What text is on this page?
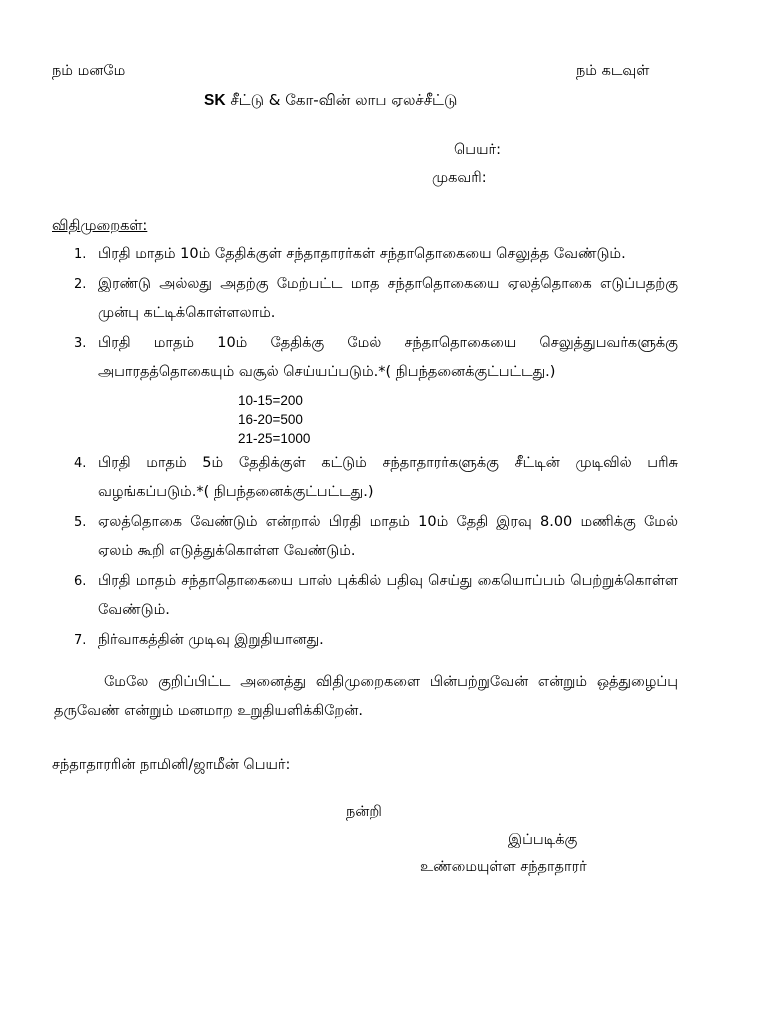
நம் மனமே	நம் கடவுள்
SK சீட்டு & கோ-வின் லாப ஏலச்சீட்டு
பெயர்:
முகவரி:
விதிமுறைகள்:
1. பிரதி மாதம் 10ம் தேதிக்குள் சந்தாதாரர்கள் சந்தாதொகையை செலுத்த வேண்டும்.
2. இரண்டு அல்லது அதற்கு மேற்பட்ட மாத சந்தாதொகையை ஏலத்தொகை எடுப்பதற்கு முன்பு கட்டிக்கொள்ளலாம்.
3. பிரதி மாதம் 10ம் தேதிக்கு மேல் சந்தாதொகையை செலுத்துபவர்களுக்கு அபாரதத்தொகையும் வசூல் செய்யப்படும்.*( நிபந்தனைக்குட்பட்டது.)
10-15=200
16-20=500
21-25=1000
4. பிரதி மாதம் 5ம் தேதிக்குள் கட்டும் சந்தாதாரர்களுக்கு சீட்டின் முடிவில் பரிசு வழங்கப்படும்.*( நிபந்தனைக்குட்பட்டது.)
5. ஏலத்தொகை வேண்டும் என்றால் பிரதி மாதம் 10ம் தேதி இரவு 8.00 மணிக்கு மேல் ஏலம் கூறி எடுத்துக்கொள்ள வேண்டும்.
6. பிரதி மாதம் சந்தாதொகையை பாஸ் புக்கில் பதிவு செய்து கையொப்பம் பெற்றுக்கொள்ள வேண்டும்.
7. நிர்வாகத்தின் முடிவு இறுதியானது.
மேலே குறிப்பிட்ட அனைத்து விதிமுறைகளை பின்பற்றுவேன் என்றும் ஒத்துழைப்பு தருவேண் என்றும் மனமாற உறுதியளிக்கிறேன்.
சந்தாதாரரின் நாமினி/ஜாமீன் பெயர்:
நன்றி
இப்படிக்கு
உண்மையுள்ள சந்தாதாரர்
